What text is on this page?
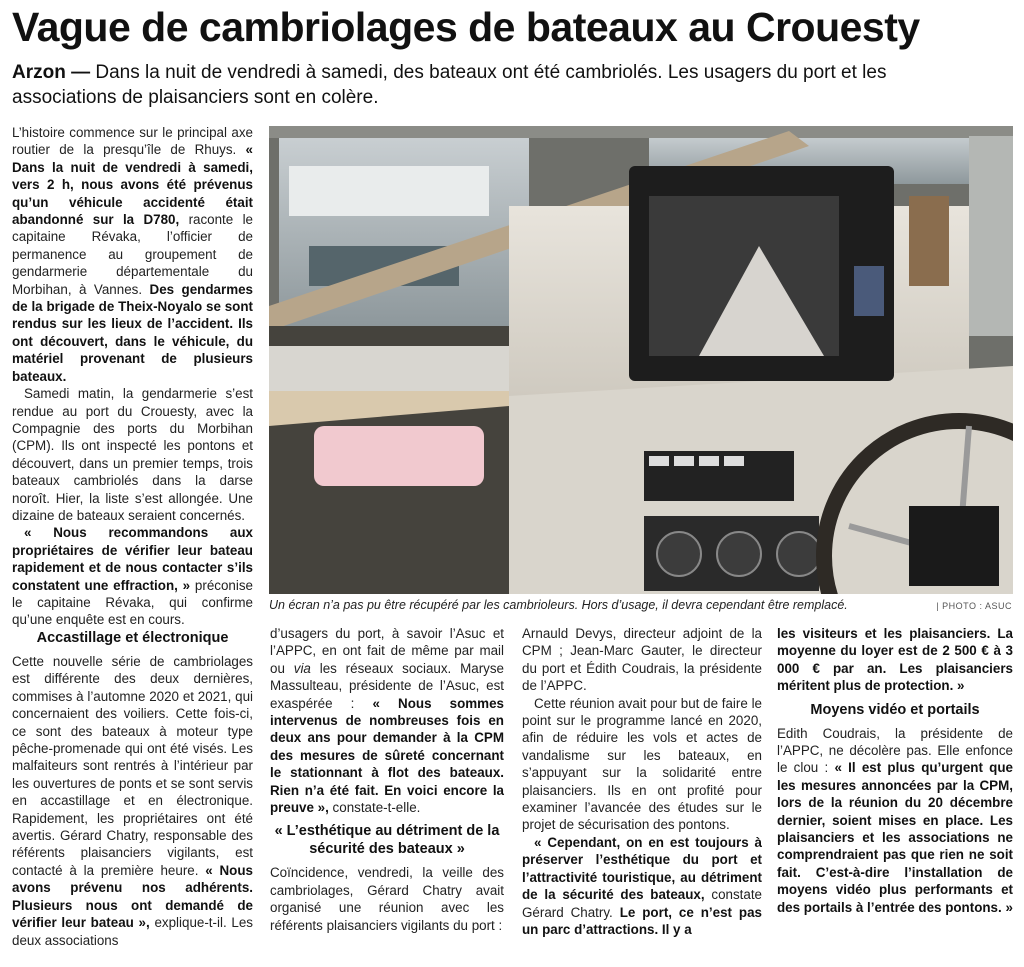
Vague de cambriolages de bateaux au Crouesty
Arzon — Dans la nuit de vendredi à samedi, des bateaux ont été cambriolés. Les usagers du port et les associations de plaisanciers sont en colère.

L’histoire commence sur le principal axe routier de la presqu’île de Rhuys. « Dans la nuit de vendredi à samedi, vers 2 h, nous avons été prévenus qu’un véhicule accidenté était abandonné sur la D780, raconte le capitaine Révaka, l’officier de permanence au groupement de gendarmerie départementale du Morbihan, à Vannes. Des gendarmes de la brigade de Theix-Noyalo se sont rendus sur les lieux de l’accident. Ils ont découvert, dans le véhicule, du matériel provenant de plusieurs bateaux.

Samedi matin, la gendarmerie s’est rendue au port du Crouesty, avec la Compagnie des ports du Morbihan (CPM). Ils ont inspecté les pontons et découvert, dans un premier temps, trois bateaux cambriolés dans la darse noroît. Hier, la liste s’est allongée. Une dizaine de bateaux seraient concernés.

« Nous recommandons aux propriétaires de vérifier leur bateau rapidement et de nous contacter s’ils constatent une effraction, » préconise le capitaine Révaka, qui confirme qu’une enquête est en cours.

Un écran n’a pas pu être récupéré par les cambrioleurs. Hors d’usage, il devra cependant être remplacé.	| PHOTO : ASUC
Accastillage et électronique

Cette nouvelle série de cambriolages est différente des deux dernières, commises à l’automne 2020 et 2021, qui concernaient des voiliers. Cette fois-ci, ce sont des bateaux à moteur type pêche-promenade qui ont été visés. Les malfaiteurs sont rentrés à l’intérieur par les ouvertures de ponts et se sont servis en accastillage et en électronique. Rapidement, les propriétaires ont été avertis. Gérard Chatry, responsable des référents plaisanciers vigilants, est contacté à la première heure. « Nous avons prévenu nos adhérents. Plusieurs nous ont demandé de vérifier leur bateau », explique-t-il. Les deux associations

d’usagers du port, à savoir l’Asuc et l’APPC, en ont fait de même par mail ou via les réseaux sociaux. Maryse Massulteau, présidente de l’Asuc, est exaspérée : « Nous sommes intervenus de nombreuses fois en deux ans pour demander à la CPM des mesures de sûreté concernant le stationnant à flot des bateaux. Rien n’a été fait. En voici encore la preuve », constate-t-elle.

« L’esthétique au détriment de la sécurité des bateaux »

Coïncidence, vendredi, la veille des cambriolages, Gérard Chatry avait organisé une réunion avec les référents plaisanciers vigilants du port :

Arnauld Devys, directeur adjoint de la CPM ; Jean-Marc Gauter, le directeur du port et Édith Coudrais, la présidente de l’APPC.

Cette réunion avait pour but de faire le point sur le programme lancé en 2020, afin de réduire les vols et actes de vandalisme sur les bateaux, en s’appuyant sur la solidarité entre plaisanciers. Ils en ont profité pour examiner l’avancée des études sur le projet de sécurisation des pontons.

« Cependant, on en est toujours à préserver l’esthétique du port et l’attractivité touristique, au détriment de la sécurité des bateaux, constate Gérard Chatry. Le port, ce n’est pas un parc d’attractions. Il y a

les visiteurs et les plaisanciers. La moyenne du loyer est de 2 500 € à 3 000 € par an. Les plaisanciers méritent plus de protection. »

Moyens vidéo et portails

Edith Coudrais, la présidente de l’APPC, ne décolère pas. Elle enfonce le clou : « Il est plus qu’urgent que les mesures annoncées par la CPM, lors de la réunion du 20 décembre dernier, soient mises en place. Les plaisanciers et les associations ne comprendraient pas que rien ne soit fait. C’est-à-dire l’installation de moyens vidéo plus performants et des portails à l’entrée des pontons. »
